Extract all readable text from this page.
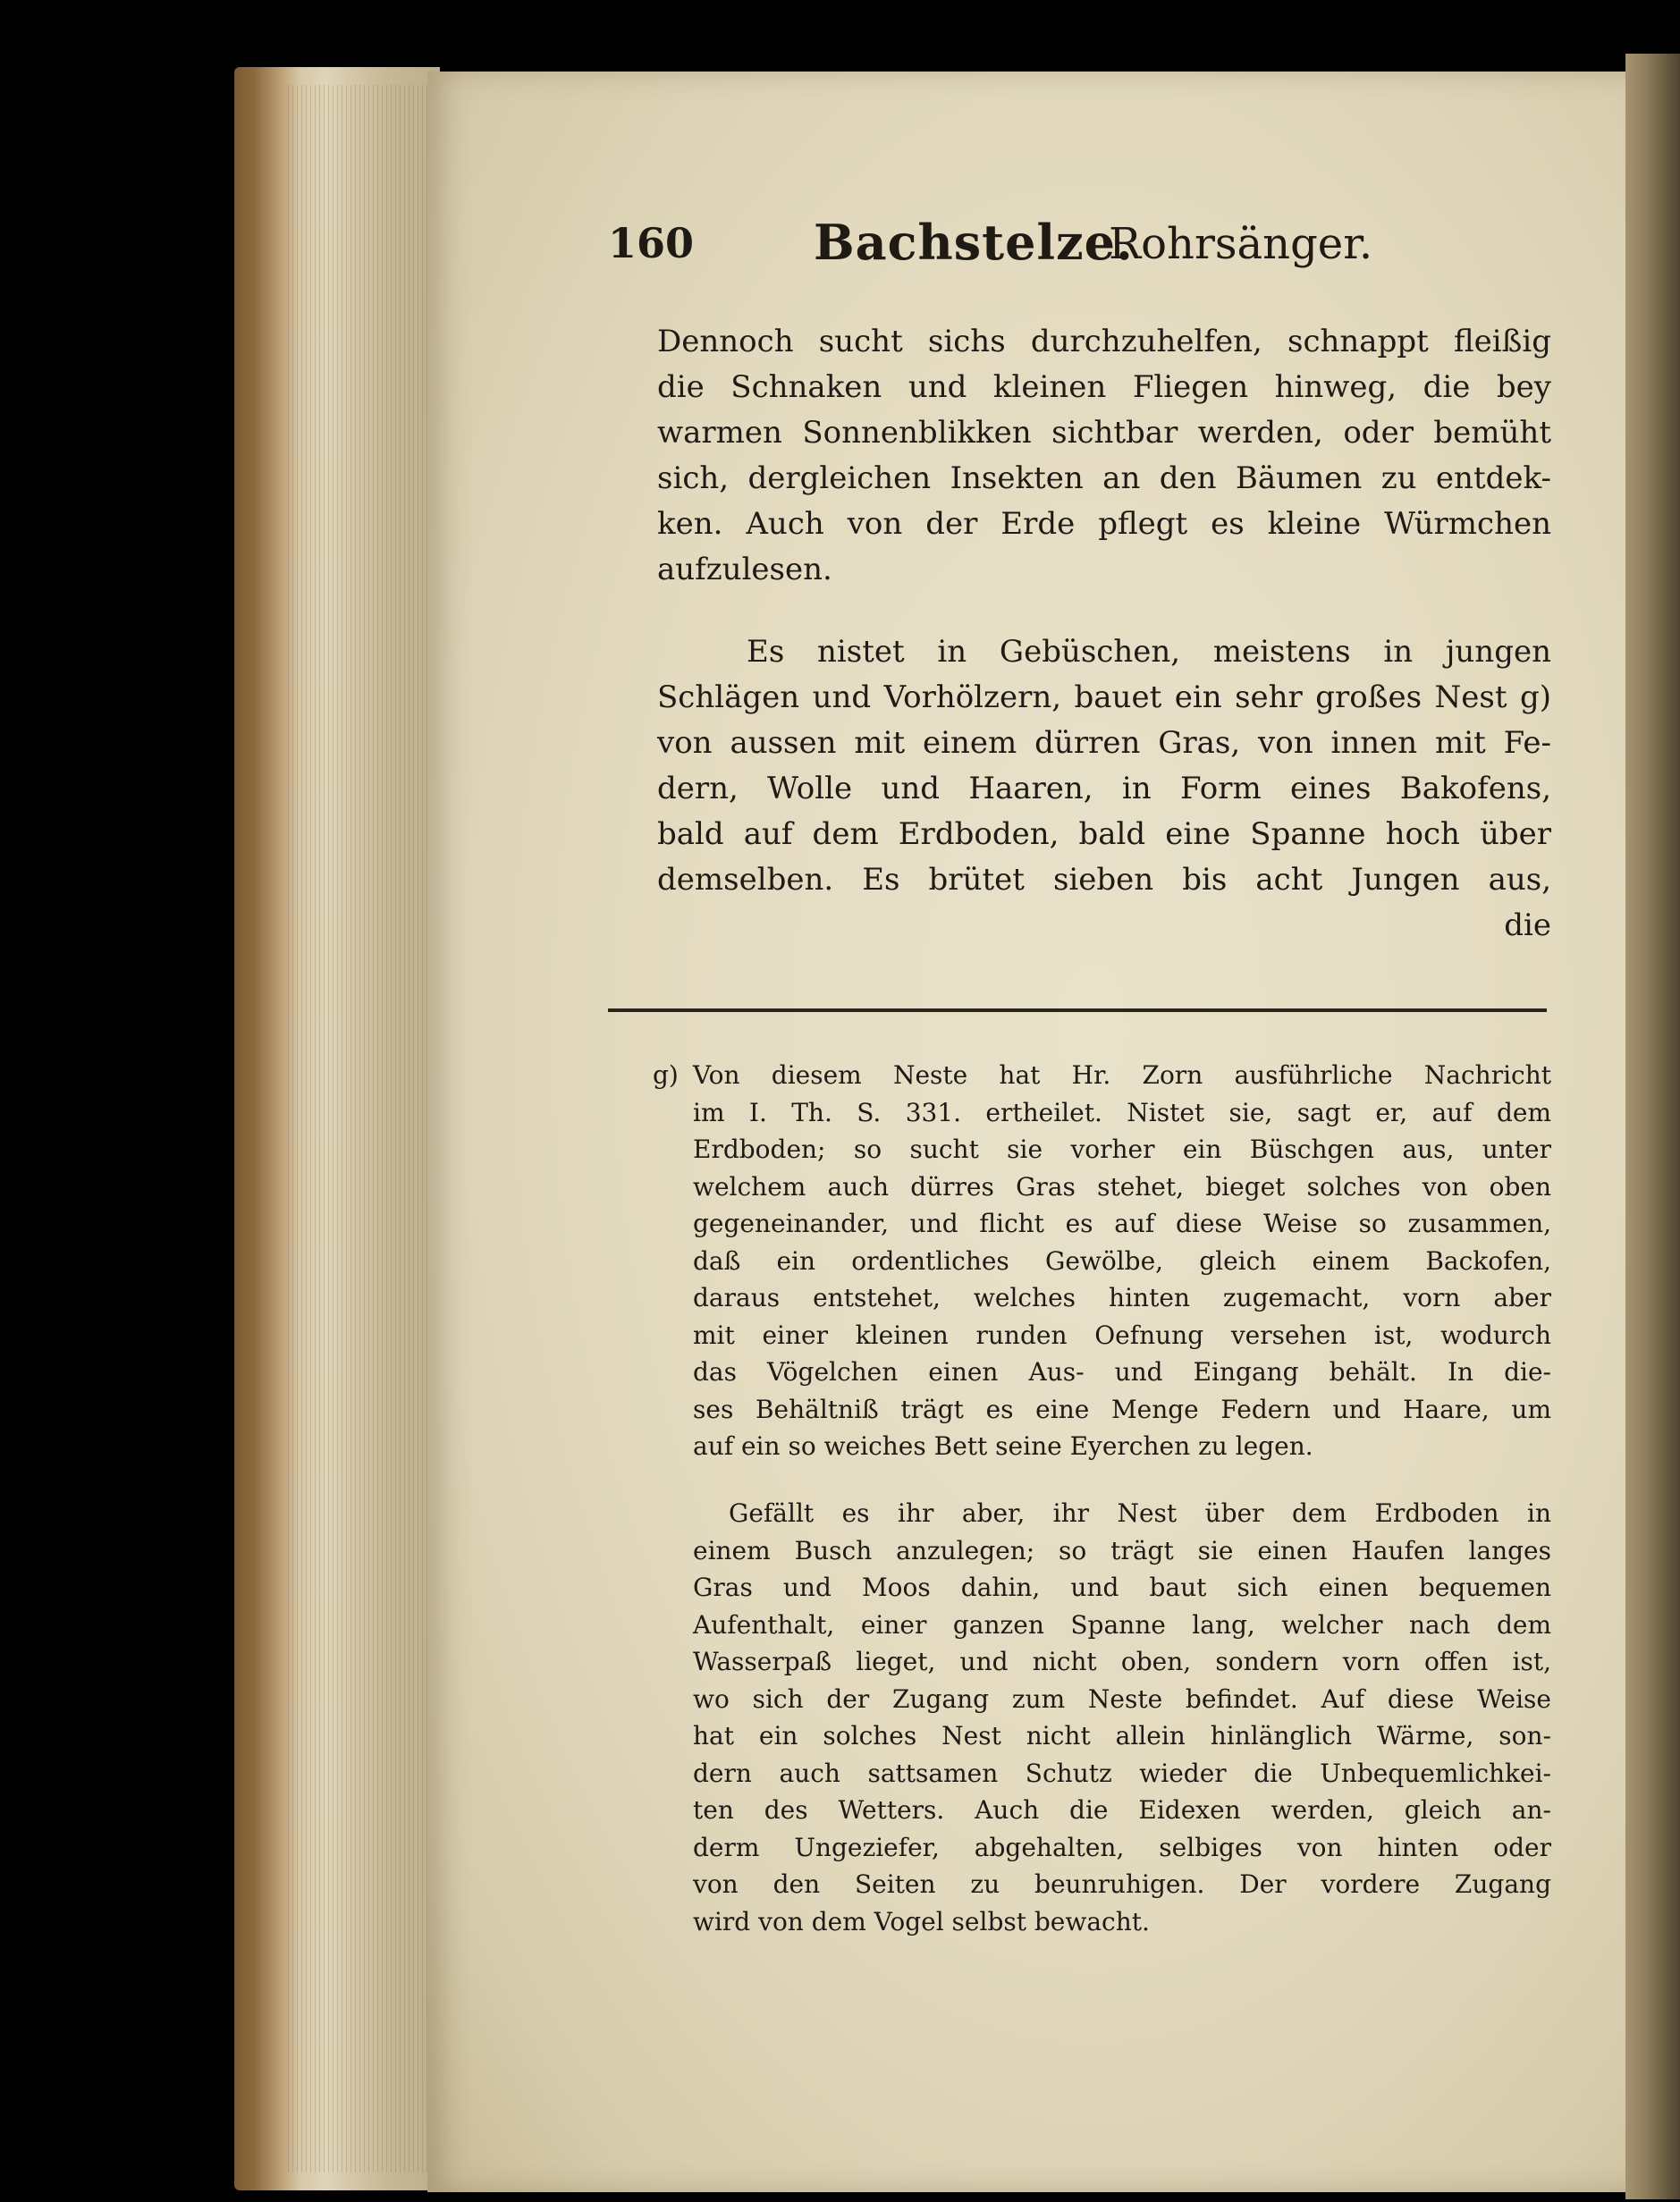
160 Bachstelze.
Rohrsänger.
Dennoch sucht sichs durchzuhelfen, schnappt fleißig
die Schnaken und kleinen Fliegen hinweg, die bey
warmen Sonnenblikken sichtbar werden, oder bemüht
sich, dergleichen Insekten an den Bäumen zu entdek-
ken. Auch von der Erde pflegt es kleine Würmchen
aufzulesen.
Es nistet in Gebüschen, meistens in jungen
Schlägen und Vorhölzern, bauet ein sehr großes Nest g)
von aussen mit einem dürren Gras, von innen mit Fe-
dern, Wolle und Haaren, in Form eines Bakofens,
bald auf dem Erdboden, bald eine Spanne hoch über
demselben. Es brütet sieben bis acht Jungen aus,
die
g) Von diesem Neste hat Hr. Zorn ausführliche Nachricht
im I. Th. S. 331. ertheilet. Nistet sie, sagt er, auf dem
Erdboden; so sucht sie vorher ein Büschgen aus, unter
welchem auch dürres Gras stehet, bieget solches von oben
gegeneinander, und flicht es auf diese Weise so zusammen,
daß ein ordentliches Gewölbe, gleich einem Backofen,
daraus entstehet, welches hinten zugemacht, vorn aber
mit einer kleinen runden Oefnung versehen ist, wodurch
das Vögelchen einen Aus- und Eingang behält. In die-
ses Behältniß trägt es eine Menge Federn und Haare, um
auf ein so weiches Bett seine Eyerchen zu legen.
Gefällt es ihr aber, ihr Nest über dem Erdboden in
einem Busch anzulegen; so trägt sie einen Haufen langes
Gras und Moos dahin, und baut sich einen bequemen
Aufenthalt, einer ganzen Spanne lang, welcher nach dem
Wasserpaß lieget, und nicht oben, sondern vorn offen ist,
wo sich der Zugang zum Neste befindet. Auf diese Weise
hat ein solches Nest nicht allein hinlänglich Wärme, son-
dern auch sattsamen Schutz wieder die Unbequemlichkei-
ten des Wetters. Auch die Eidexen werden, gleich an-
derm Ungeziefer, abgehalten, selbiges von hinten oder
von den Seiten zu beunruhigen. Der vordere Zugang
wird von dem Vogel selbst bewacht.
